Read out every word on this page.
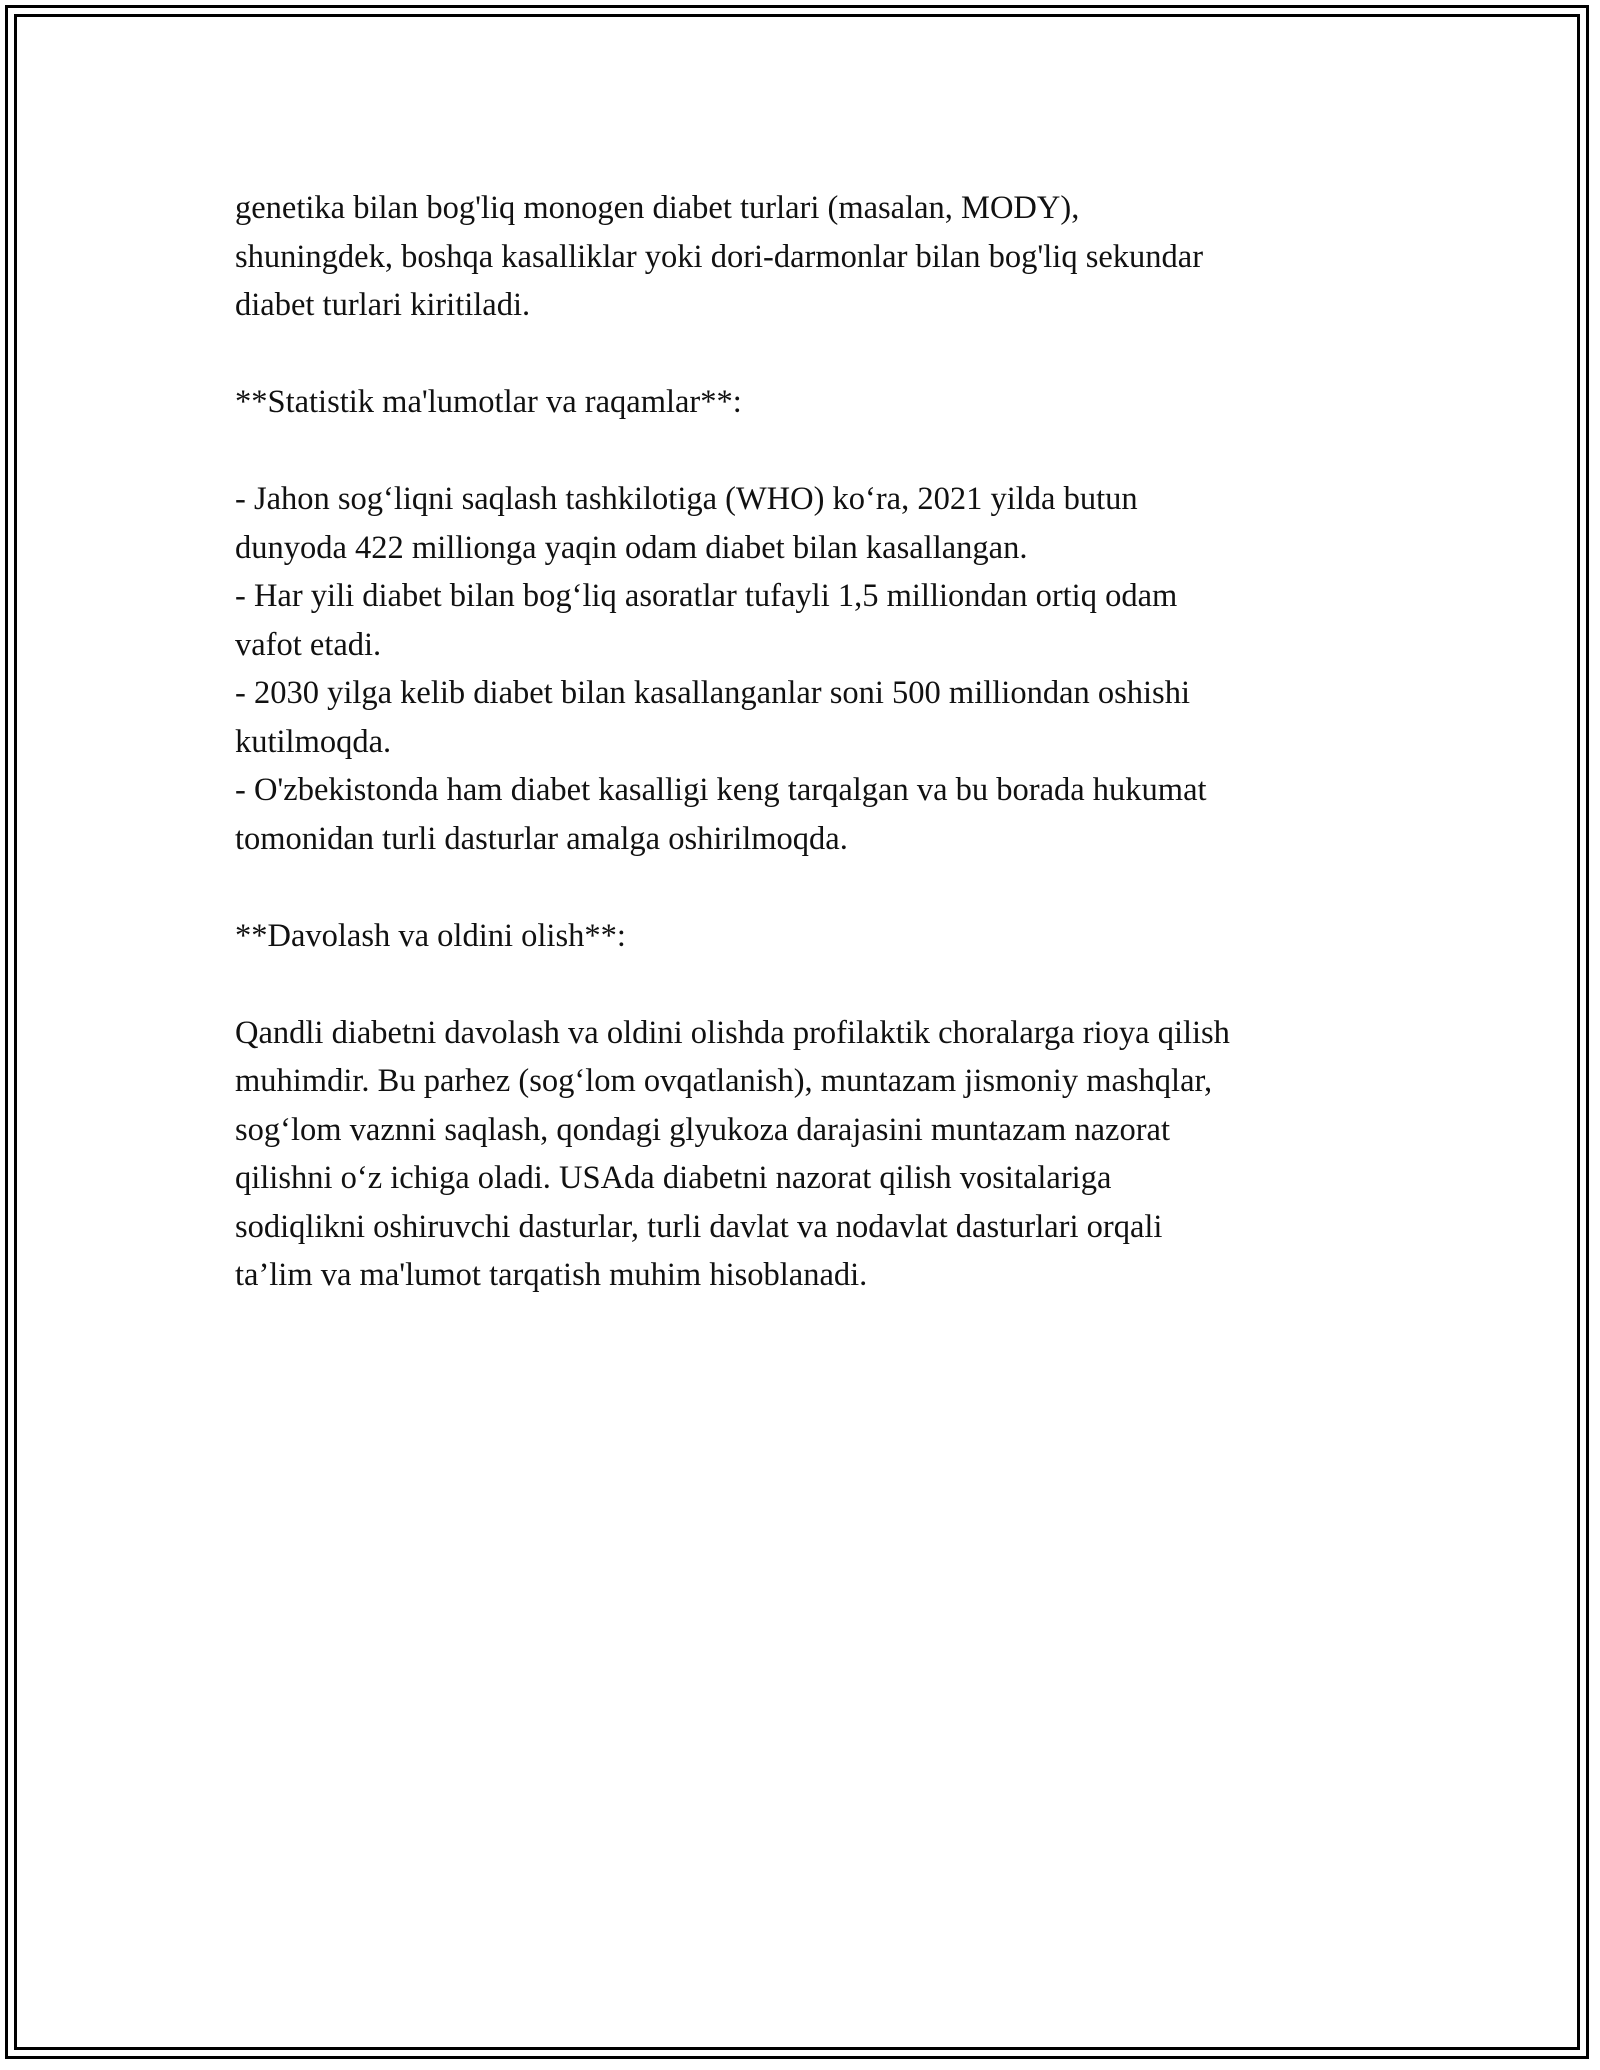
genetika bilan bog'liq monogen diabet turlari (masalan, MODY),
shuningdek, boshqa kasalliklar yoki dori-darmonlar bilan bog'liq sekundar
diabet turlari kiritiladi.

**Statistik ma'lumotlar va raqamlar**:

- Jahon sog‘liqni saqlash tashkilotiga (WHO) ko‘ra, 2021 yilda butun
dunyoda 422 millionga yaqin odam diabet bilan kasallangan.

- Har yili diabet bilan bog‘liq asoratlar tufayli 1,5 milliondan ortiq odam
vafot etadi.

- 2030 yilga kelib diabet bilan kasallanganlar soni 500 milliondan oshishi
kutilmoqda.

- O'zbekistonda ham diabet kasalligi keng tarqalgan va bu borada hukumat
tomonidan turli dasturlar amalga oshirilmoqda.

**Davolash va oldini olish**:

Qandli diabetni davolash va oldini olishda profilaktik choralarga rioya qilish
muhimdir. Bu parhez (sog‘lom ovqatlanish), muntazam jismoniy mashqlar,
sog‘lom vaznni saqlash, qondagi glyukoza darajasini muntazam nazorat
qilishni o‘z ichiga oladi. USAda diabetni nazorat qilish vositalariga
sodiqlikni oshiruvchi dasturlar, turli davlat va nodavlat dasturlari orqali
ta’lim va ma'lumot tarqatish muhim hisoblanadi.
